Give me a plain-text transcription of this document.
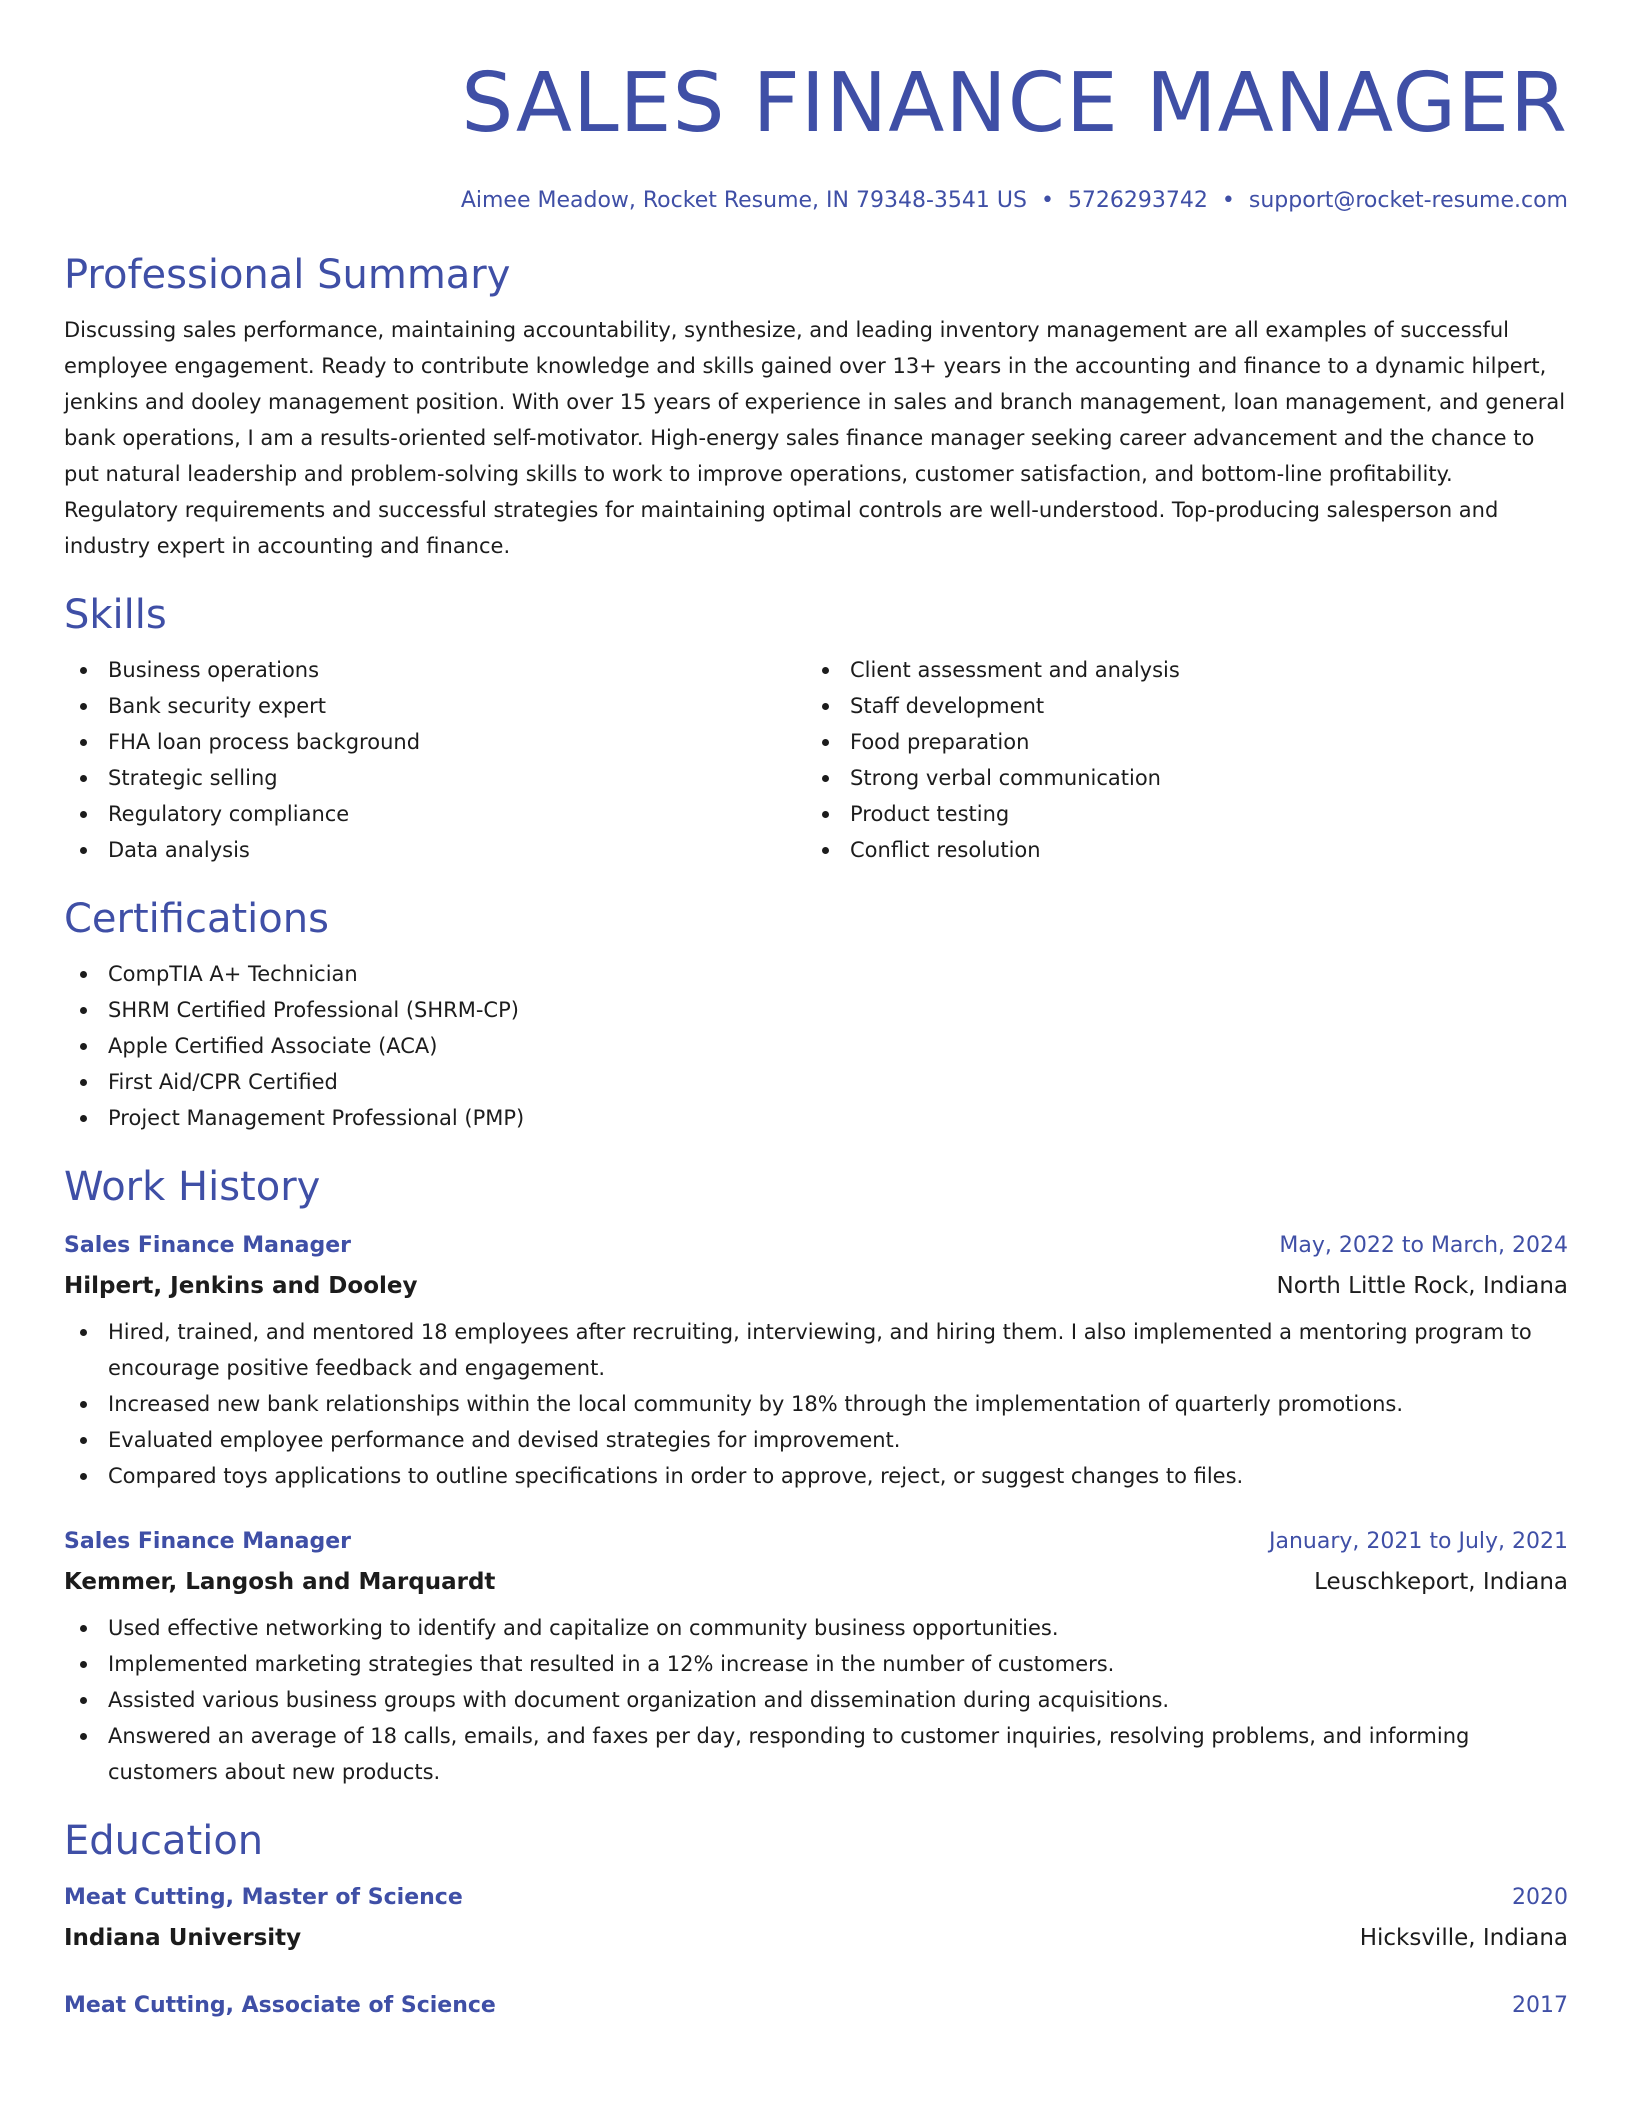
SALES FINANCE MANAGER
Aimee Meadow, Rocket Resume, IN 79348-3541 US • 5726293742 • support@rocket-resume.com
Professional Summary

Discussing sales performance, maintaining accountability, synthesize, and leading inventory management are all examples of successful employee engagement. Ready to contribute knowledge and skills gained over 13+ years in the accounting and finance to a dynamic hilpert, jenkins and dooley management position. With over 15 years of experience in sales and branch management, loan management, and general bank operations, I am a results-oriented self-motivator. High-energy sales finance manager seeking career advancement and the chance to put natural leadership and problem-solving skills to work to improve operations, customer satisfaction, and bottom-line profitability. Regulatory requirements and successful strategies for maintaining optimal controls are well-understood. Top-producing salesperson and industry expert in accounting and finance.

Skills
Business operations
Bank security expert
FHA loan process background
Strategic selling
Regulatory compliance
Data analysis
Client assessment and analysis
Staff development
Food preparation
Strong verbal communication
Product testing
Conflict resolution
Certifications
CompTIA A+ Technician
SHRM Certified Professional (SHRM-CP)
Apple Certified Associate (ACA)
First Aid/CPR Certified
Project Management Professional (PMP)
Work History
Sales Finance Manager	May, 2022 to March, 2024
Hilpert, Jenkins and Dooley	North Little Rock, Indiana
Hired, trained, and mentored 18 employees after recruiting, interviewing, and hiring them. I also implemented a mentoring program to encourage positive feedback and engagement.
Increased new bank relationships within the local community by 18% through the implementation of quarterly promotions.
Evaluated employee performance and devised strategies for improvement.
Compared toys applications to outline specifications in order to approve, reject, or suggest changes to files.
Sales Finance Manager	January, 2021 to July, 2021
Kemmer, Langosh and Marquardt	Leuschkeport, Indiana
Used effective networking to identify and capitalize on community business opportunities.
Implemented marketing strategies that resulted in a 12% increase in the number of customers.
Assisted various business groups with document organization and dissemination during acquisitions.
Answered an average of 18 calls, emails, and faxes per day, responding to customer inquiries, resolving problems, and informing customers about new products.
Education
Meat Cutting, Master of Science	2020
Indiana University	Hicksville, Indiana
Meat Cutting, Associate of Science	2017
